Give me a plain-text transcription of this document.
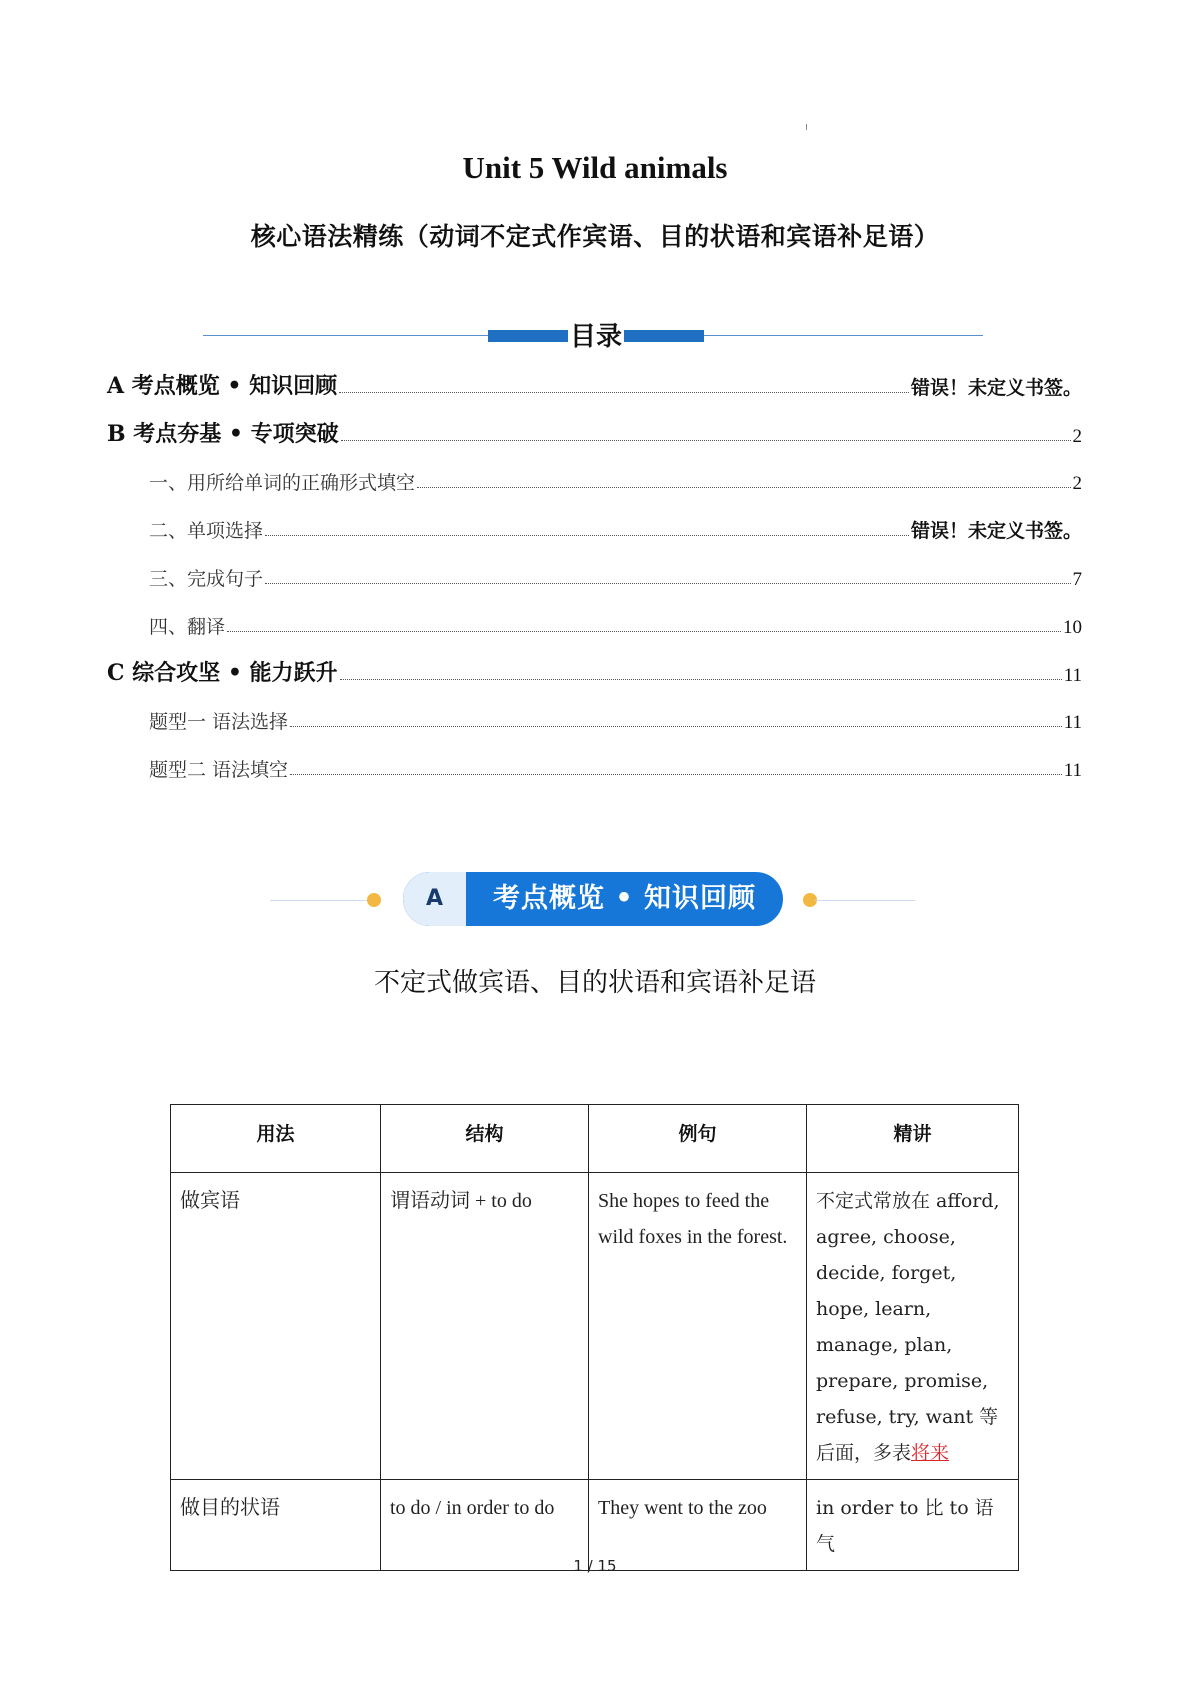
Unit 5 Wild animals
核心语法精练（动词不定式作宾语、目的状语和宾语补足语）
目录
A 考点概览 • 知识回顾	错误！未定义书签。
B 考点夯基 • 专项突破	2
一、用所给单词的正确形式填空	2
二、单项选择	错误！未定义书签。
三、完成句子	7
四、翻译	10
C 综合攻坚 • 能力跃升	11
题型一 语法选择	11
题型二 语法填空	11
A	考点概览 • 知识回顾
不定式做宾语、目的状语和宾语补足语
用法	结构	例句	精讲
做宾语	谓语动词 + to do	She hopes to feed the wild foxes in the forest.	不定式常放在 afford, agree, choose, decide, forget, hope, learn, manage, plan, prepare, promise, refuse, try, want 等后面，多表将来
做目的状语	to do / in order to do	They went to the zoo	in order to 比 to 语气
1 / 15
